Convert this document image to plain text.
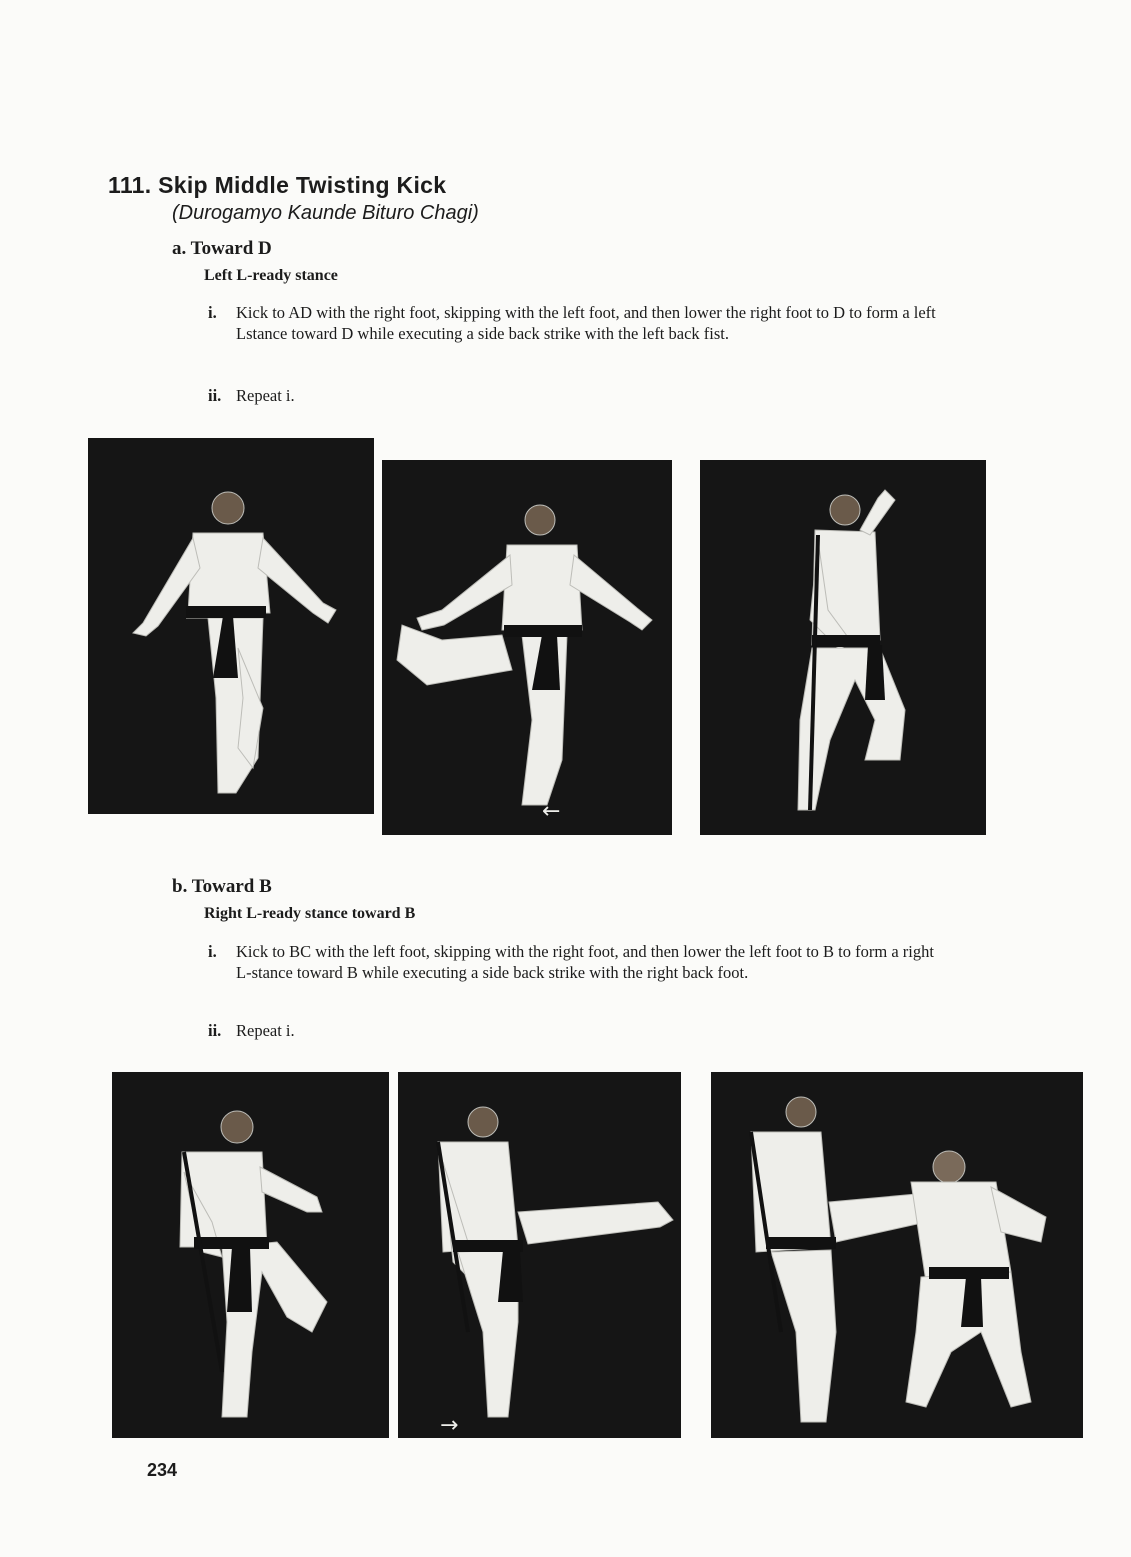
111. Skip Middle Twisting Kick
(Durogamyo Kaunde Bituro Chagi)
a. Toward D
Left L-ready stance
i. Kick to AD with the right foot, skipping with the left foot, and then lower the right foot to D to form a left Lstance toward D while executing a side back strike with the left back fist.
ii. Repeat i.
←
b. Toward B
Right L-ready stance toward B
i. Kick to BC with the left foot, skipping with the right foot, and then lower the left foot to B to form a right L-stance toward B while executing a side back strike with the right back foot.
ii. Repeat i.
→
234
